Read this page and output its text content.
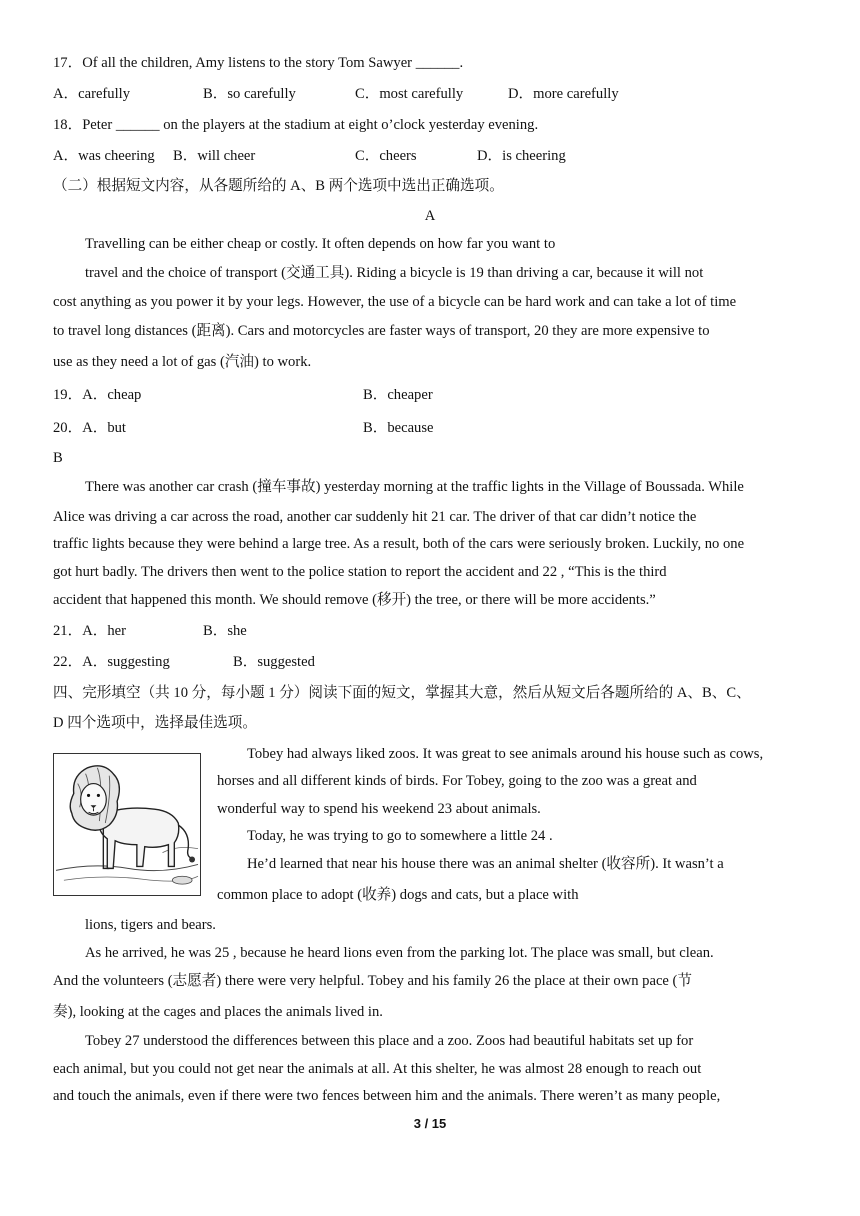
17．Of all the children, Amy listens to the story Tom Sawyer ______.
A．carefully	B．so carefully	C．most carefully	D．more carefully
18．Peter ______ on the players at the stadium at eight o’clock yesterday evening.
A．was cheering B．will cheer	C．cheers	D．is cheering
（二）根据短文内容，从各题所给的 A、B 两个选项中选出正确选项。
A
Travelling can be either cheap or costly. It often depends on how far you want to
travel and the choice of transport (交通工具). Riding a bicycle is 19 than driving a car, because it will not
cost anything as you power it by your legs. However, the use of a bicycle can be hard work and can take a lot of time
to travel long distances (距离). Cars and motorcycles are faster ways of transport, 20 they are more expensive to
use as they need a lot of gas (汽油) to work.
19．A．cheap	B．cheaper
20．A．but	B．because
B
There was another car crash (撞车事故) yesterday morning at the traffic lights in the Village of Boussada. While
Alice was driving a car across the road, another car suddenly hit 21 car. The driver of that car didn’t notice the
traffic lights because they were behind a large tree. As a result, both of the cars were seriously broken. Luckily, no one
got hurt badly. The drivers then went to the police station to report the accident and 22 , “This is the third
accident that happened this month. We should remove (移开) the tree, or there will be more accidents.”
21．A．her	B．she
22．A．suggesting	B．suggested
四、完形填空（共 10 分，每小题 1 分）阅读下面的短文，掌握其大意，然后从短文后各题所给的 A、B、C、
D 四个选项中，选择最佳选项。
Tobey had always liked zoos. It was great to see animals around his house such as cows,
horses and all different kinds of birds. For Tobey, going to the zoo was a great and
wonderful way to spend his weekend 23 about animals.
Today, he was trying to go to somewhere a little 24 .
He’d learned that near his house there was an animal shelter (收容所). It wasn’t a
common place to adopt (收养) dogs and cats, but a place with
lions, tigers and bears.
As he arrived, he was 25 , because he heard lions even from the parking lot. The place was small, but clean.
And the volunteers (志愿者) there were very helpful. Tobey and his family 26 the place at their own pace (节
奏), looking at the cages and places the animals lived in.
Tobey 27 understood the differences between this place and a zoo. Zoos had beautiful habitats set up for
each animal, but you could not get near the animals at all. At this shelter, he was almost 28 enough to reach out
and touch the animals, even if there were two fences between him and the animals. There weren’t as many people,
3 / 15
